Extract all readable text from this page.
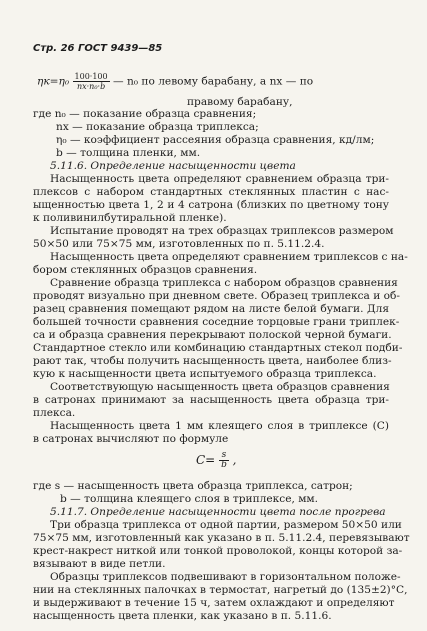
Стр. 26 ГОСТ 9439—85
$\eta к=\eta_0 \frac{100\cdot 100}{\text{nx·n₀·b}}$ — n₀ по левому барабану, а nx — по
правому барабану,
где n₀ — показание образца сравнения;
nx — показание образца триплекса;
η₀ — коэффициент рассеяния образца сравнения, кд/лм;
b — толщина пленки, мм.
5.11.6. Определение насыщенности цвета
Насыщенность цвета определяют сравнением образца три-
плексов с набором стандартных стеклянных пластин с нас-
ыщенностью цвета 1, 2 и 4 сатрона (близких по цветному тону
к поливинилбутиральной пленке).
Испытание проводят на трех образцах триплексов размером
50×50 или 75×75 мм, изготовленных по п. 5.11.2.4.
Насыщенность цвета определяют сравнением триплексов с на-
бором стеклянных образцов сравнения.
Сравнение образца триплекса с набором образцов сравнения
проводят визуально при дневном свете. Образец триплекса и об-
разец сравнения помещают рядом на листе белой бумаги. Для
большей точности сравнения соседние торцовые грани триплек-
са и образца сравнения перекрывают полоской черной бумаги.
Стандартное стекло или комбинацию стандартных стекол подби-
рают так, чтобы получить насыщенность цвета, наиболее близ-
кую к насыщенности цвета испытуемого образца триплекса.
Соответствующую насыщенность цвета образцов сравнения
в сатронах принимают за насыщенность цвета образца три-
плекса.
Насыщенность цвета 1 мм клеящего слоя в триплексе (С)
в сатронах вычисляют по формуле
$C= \frac{s}{b}$ ,
где s — насыщенность цвета образца триплекса, сатрон;
b — толщина клеящего слоя в триплексе, мм.
5.11.7. Определение насыщенности цвета после прогрева
Три образца триплекса от одной партии, размером 50×50 или
75×75 мм, изготовленный как указано в п. 5.11.2.4, перевязывают
крест-накрест ниткой или тонкой проволокой, концы которой за-
вязывают в виде петли.
Образцы триплексов подвешивают в горизонтальном положе-
нии на стеклянных палочках в термостат, нагретый до (135±2)°С,
и выдерживают в течение 15 ч, затем охлаждают и определяют
насыщенность цвета пленки, как указано в п. 5.11.6.
